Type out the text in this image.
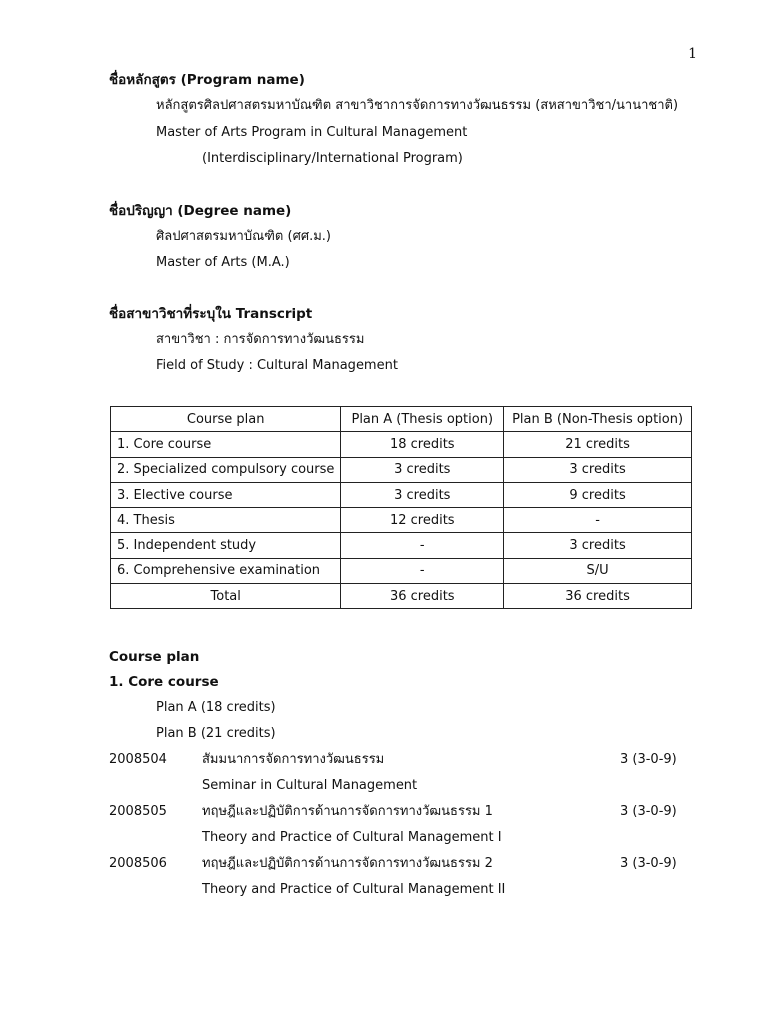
1
ชื่อหลักสูตร (Program name)
หลักสูตรศิลปศาสตรมหาบัณฑิต สาขาวิชาการจัดการทางวัฒนธรรม (สหสาขาวิชา/นานาชาติ)
Master of Arts Program in Cultural Management
(Interdisciplinary/International Program)
ชื่อปริญญา (Degree name)
ศิลปศาสตรมหาบัณฑิต (ศศ.ม.)
Master of Arts (M.A.)
ชื่อสาขาวิชาที่ระบุใน Transcript
สาขาวิชา : การจัดการทางวัฒนธรรม
Field of Study : Cultural Management
Course plan	Plan A (Thesis option)	Plan B (Non-Thesis option)
1. Core course	18 credits	21 credits
2. Specialized compulsory course	3 credits	3 credits
3. Elective course	3 credits	9 credits
4. Thesis	12 credits	-
5. Independent study	-	3 credits
6. Comprehensive examination	-	S/U
Total	36 credits	36 credits
Course plan
1. Core course
Plan A (18 credits)
Plan B (21 credits)
2008504	สัมมนาการจัดการทางวัฒนธรรม	3 (3-0-9)
Seminar in Cultural Management
2008505	ทฤษฎีและปฏิบัติการด้านการจัดการทางวัฒนธรรม 1	3 (3-0-9)
Theory and Practice of Cultural Management I
2008506	ทฤษฎีและปฏิบัติการด้านการจัดการทางวัฒนธรรม 2	3 (3-0-9)
Theory and Practice of Cultural Management II
